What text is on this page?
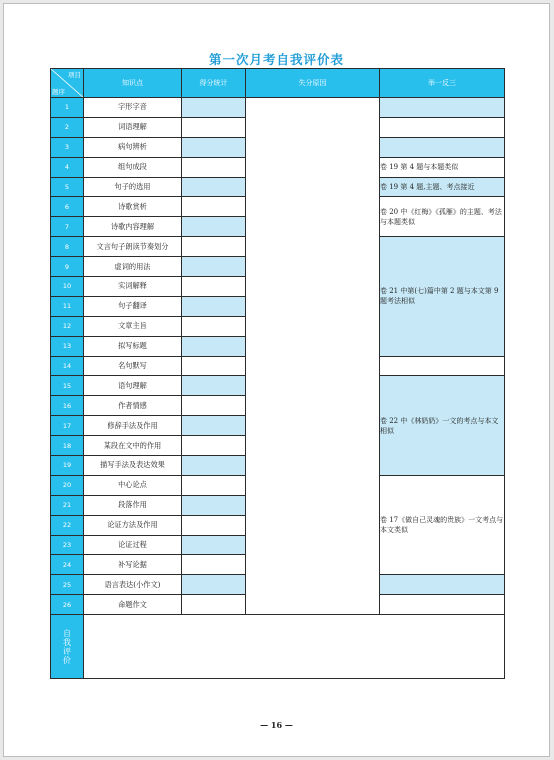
第一次月考自我评价表
项目
题序	知识点	得分统计	失分原因	举一反三
1	字形字音			
2	词语理解			
3	病句辨析			
4	组句成段			卷 19 第 4 题与本题类似
5	句子的选用			卷 19 第 4 题,主题、考点接近
6	诗歌赏析			卷 20 中《红梅》《孤雁》的主题、考法与本题类似
7	诗歌内容理解			
8	文言句子朗读节奏划分			卷 21 中第(七)篇中第 2 题与本文第 9 题考法相似
9	虚词的用法			
10	实词解释			
11	句子翻译			
12	文章主旨			
13	拟写标题			
14	名句默写			
15	语句理解			卷 22 中《林奶奶》一文的考点与本文相似
16	作者情感			
17	修辞手法及作用			
18	某段在文中的作用			
19	描写手法及表达效果			
20	中心论点			卷 17《做自己灵魂的贵族》一文考点与本文类似
21	段落作用			
22	论证方法及作用			
23	论证过程			
24	补写论据			
25	语言表达(小作文)			
26	命题作文			
自我评价				
— 16 —
